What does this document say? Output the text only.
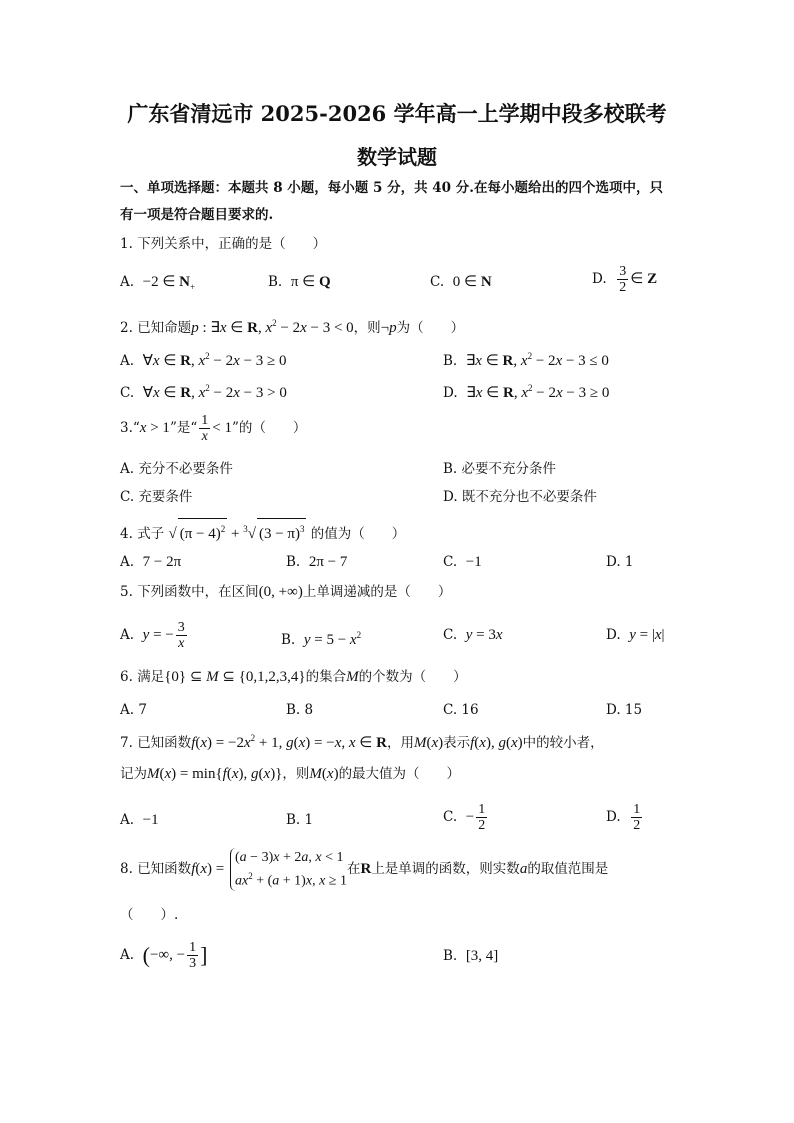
广东省清远市 2025-2026 学年高一上学期中段多校联考
数学试题
一、单项选择题：本题共 8 小题，每小题 5 分，共 40 分.在每小题给出的四个选项中，只
有一项是符合题目要求的.
1. 下列关系中，正确的是（　　）
A. −2 ∈ $N_+$	B. π ∈ Q	C. 0 ∈ N	D. $\frac{3}{2}$ ∈ Z
2. 已知命题p : ∃x ∈ R, $x^2 - 2x - 3 < 0$，则¬p为（　　）
A. ∀x ∈ R, $x^2 - 2x - 3 \ge 0$	B. ∃x ∈ R, $x^2 - 2x - 3 \le 0$
C. ∀x ∈ R, $x^2 - 2x - 3 > 0$	D. ∃x ∈ R, $x^2 - 2x - 3 \ge 0$
3.“x > 1”是“ $\frac{1}{x} < 1$”的（　　）
A. 充分不必要条件	B. 必要不充分条件
C. 充要条件	D. 既不充分也不必要条件
4. 式子 √ $(\pi - 4)^2 + ^3√$ $(3 - \pi)^3$ 的值为（　　）
A. 7 − 2π	B. 2π − 7	C. −1	D. 1
5. 下列函数中，在区间(0, +∞)上单调递减的是（　　）
A. y = − $\frac{3}{x}$	B. $y = 5 - x^2$	C. y = 3x	D. y = |x|
6. 满足{0} ⊆ M ⊆ {0,1,2,3,4}的集合M的个数为（　　）
A. 7	B. 8	C. 16	D. 15
7. 已知函数$f(x) = -2x^2 + 1$, g(x) = −x, x ∈ R，用M(x)表示f(x), g(x)中的较小者，
记为M(x) = min{f(x), g(x)}，则M(x)的最大值为（　　）
A. −1	B. 1	C. − $\frac{1}{2}$	D. $\frac{1}{2}$
8. 已知函数f(x) =
(a − 3)x + 2a, x < 1
$ax^2 + (a + 1)x$, x ≥ 1
在R上是单调的函数，则实数a的取值范围是
（　　）.
A. (−∞, − $\frac{1}{3}$ ]	B. [3, 4]
